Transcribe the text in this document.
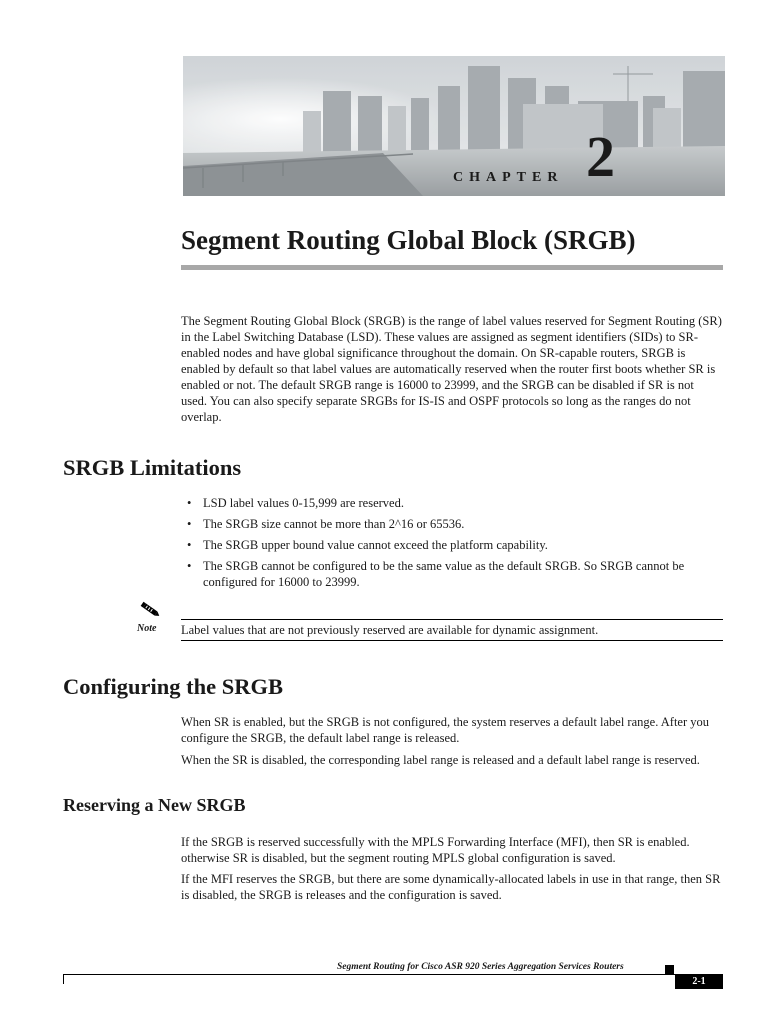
CHAPTER 2
Segment Routing Global Block (SRGB)

The Segment Routing Global Block (SRGB) is the range of label values reserved for Segment Routing (SR) in the Label Switching Database (LSD). These values are assigned as segment identifiers (SIDs) to SR-enabled nodes and have global significance throughout the domain. On SR-capable routers, SRGB is enabled by default so that label values are automatically reserved when the router first boots whether SR is enabled or not. The default SRGB range is 16000 to 23999, and the SRGB can be disabled if SR is not used. You can also specify separate SRGBs for IS-IS and OSPF protocols so long as the ranges do not overlap.

SRGB Limitations
• LSD label values 0-15,999 are reserved.
• The SRGB size cannot be more than 2^16 or 65536.
• The SRGB upper bound value cannot exceed the platform capability.
• The SRGB cannot be configured to be the same value as the default SRGB. So SRGB cannot be configured for 16000 to 23999.
Note Label values that are not previously reserved are available for dynamic assignment.
Configuring the SRGB

When SR is enabled, but the SRGB is not configured, the system reserves a default label range. After you configure the SRGB, the default label range is released.

When the SR is disabled, the corresponding label range is released and a default label range is reserved.

Reserving a New SRGB

If the SRGB is reserved successfully with the MPLS Forwarding Interface (MFI), then SR is enabled. otherwise SR is disabled, but the segment routing MPLS global configuration is saved.

If the MFI reserves the SRGB, but there are some dynamically-allocated labels in use in that range, then SR is disabled, the SRGB is releases and the configuration is saved.

Segment Routing for Cisco ASR 920 Series Aggregation Services Routers
2-1
